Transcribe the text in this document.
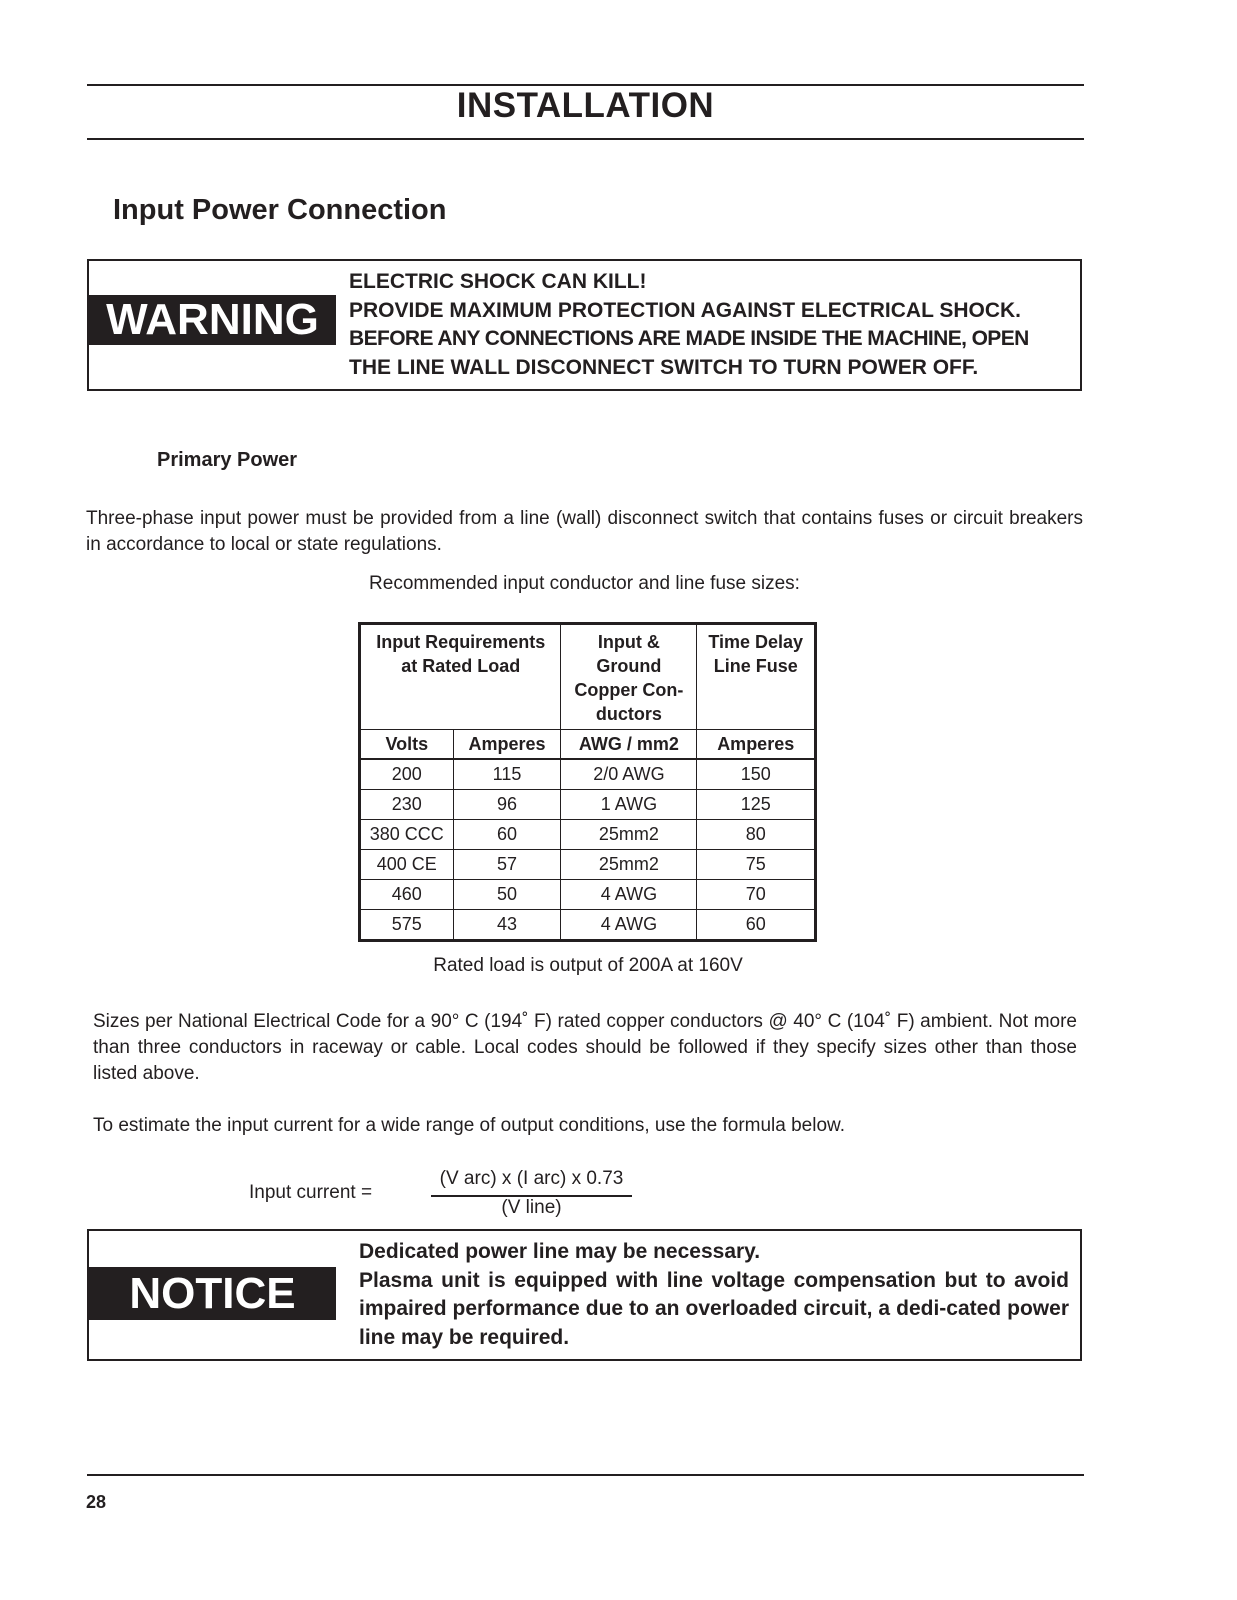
INSTALLATION
Input Power Connection
WARNING
ELECTRIC SHOCK CAN KILL!
PROVIDE MAXIMUM PROTECTION AGAINST ELECTRICAL SHOCK.
BEFORE ANY CONNECTIONS ARE MADE INSIDE THE MACHINE, OPEN
THE LINE WALL DISCONNECT SWITCH TO TURN POWER OFF.
Primary Power
Three-phase input power must be provided from a line (wall) disconnect switch that contains fuses or circuit breakers in accordance to local or state regulations.
Recommended input conductor and line fuse sizes:
Input Requirements at Rated Load		Input & Ground Copper Con-ductors	Time Delay Line Fuse
Volts	Amperes	AWG / mm2	Amperes
200	115	2/0 AWG	150
230	96	1 AWG	125
380 CCC	60	25mm2	80
400 CE	57	25mm2	75
460	50	4 AWG	70
575	43	4 AWG	60
Rated load is output of 200A at 160V
Sizes per National Electrical Code for a 90° C (194˚ F) rated copper conductors @ 40° C (104˚ F) ambient. Not more than three conductors in raceway or cable. Local codes should be followed if they specify sizes other than those listed above.
To estimate the input current for a wide range of output conditions, use the formula below.
Input current =
(V arc) x (I arc) x 0.73
(V line)
NOTICE
Dedicated power line may be necessary.
Plasma unit is equipped with line voltage compensation but to avoid impaired performance due to an overloaded circuit, a dedi-cated power line may be required.
28
